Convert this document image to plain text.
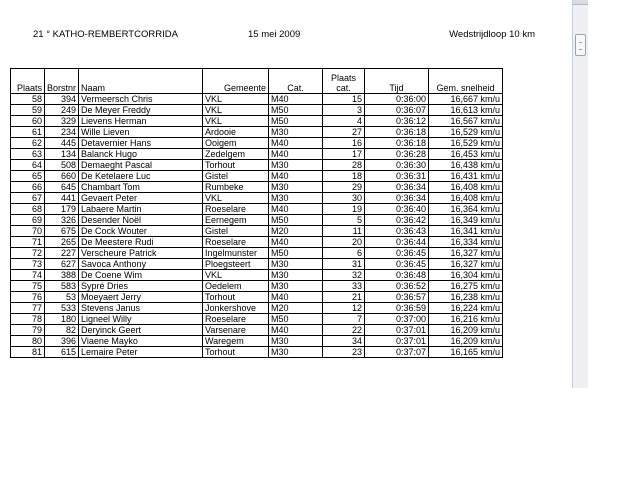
21 ° KATHO-REMBERTCORRIDA	15 mei 2009	Wedstrijdloop 10 km
Plaats	Borstnr	Naam	Gemeente	Cat.	Plaats cat.	Tijd	Gem. snelheid
58	394	Vermeersch Chris	VKL	M40	15	0:36:00	16,667 km/u
59	249	De Meyer Freddy	VKL	M50	3	0:36:07	16,613 km/u
60	329	Lievens Herman	VKL	M50	4	0:36:12	16,567 km/u
61	234	Wille Lieven	Ardooie	M30	27	0:36:18	16,529 km/u
62	445	Detavernier Hans	Ooigem	M40	16	0:36:18	16,529 km/u
63	134	Balanck Hugo	Zedelgem	M40	17	0:36:28	16,453 km/u
64	508	Demaeght Pascal	Torhout	M30	28	0:36:30	16,438 km/u
65	660	De Ketelaere Luc	Gistel	M40	18	0:36:31	16,431 km/u
66	645	Chambart Tom	Rumbeke	M30	29	0:36:34	16,408 km/u
67	441	Gevaert Peter	VKL	M30	30	0:36:34	16,408 km/u
68	179	Labaere Martin	Roeselare	M40	19	0:36:40	16,364 km/u
69	326	Desender Noël	Eernegem	M50	5	0:36:42	16,349 km/u
70	675	De Cock Wouter	Gistel	M20	11	0:36:43	16,341 km/u
71	265	De Meestere Rudi	Roeselare	M40	20	0:36:44	16,334 km/u
72	227	Verscheure Patrick	Ingelmunster	M50	6	0:36:45	16,327 km/u
73	627	Savoca Anthony	Ploegsteert	M30	31	0:36:45	16,327 km/u
74	388	De Coene Wim	VKL	M30	32	0:36:48	16,304 km/u
75	583	Sypré Dries	Oedelem	M30	33	0:36:52	16,275 km/u
76	53	Moeyaert Jerry	Torhout	M40	21	0:36:57	16,238 km/u
77	533	Stevens Janus	Jonkershove	M20	12	0:36:59	16,224 km/u
78	180	Ligneel Willy	Roeselare	M50	7	0:37:00	16,216 km/u
79	82	Deryinck Geert	Varsenare	M40	22	0:37:01	16,209 km/u
80	396	Viaene Mayko	Waregem	M30	34	0:37:01	16,209 km/u
81	615	Lemaire Peter	Torhout	M30	23	0:37:07	16,165 km/u
